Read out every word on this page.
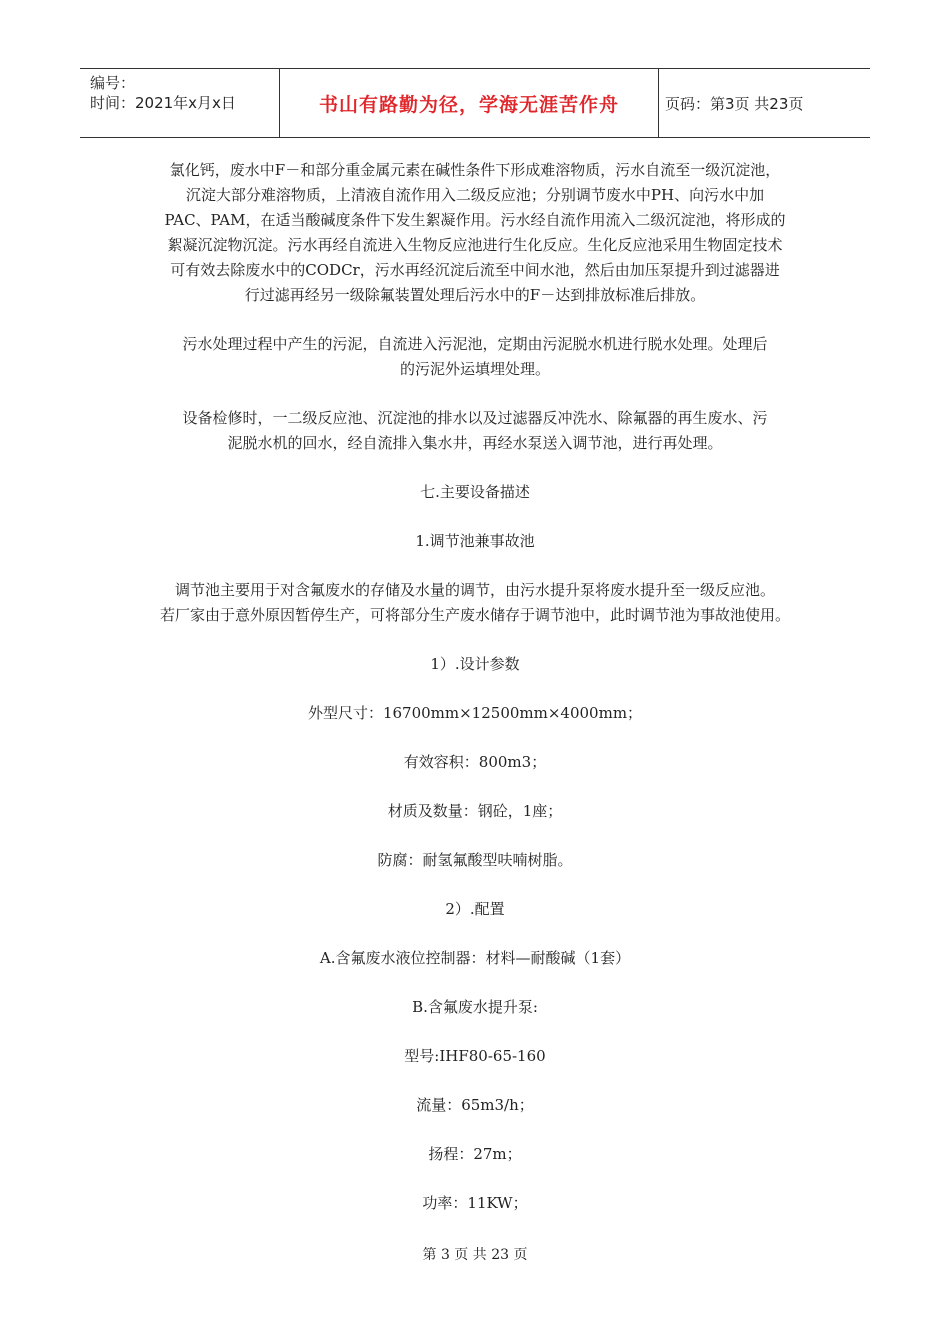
编号：
时间：2021年x月x日	书山有路勤为径，学海无涯苦作舟	页码：第3页 共23页

氯化钙，废水中F－和部分重金属元素在碱性条件下形成难溶物质，污水自流至一级沉淀池，

沉淀大部分难溶物质，上清液自流作用入二级反应池；分别调节废水中PH、向污水中加

PAC、PAM，在适当酸碱度条件下发生絮凝作用。污水经自流作用流入二级沉淀池，将形成的

絮凝沉淀物沉淀。污水再经自流进入生物反应池进行生化反应。生化反应池采用生物固定技术

可有效去除废水中的CODCr，污水再经沉淀后流至中间水池，然后由加压泵提升到过滤器进

行过滤再经另一级除氟装置处理后污水中的F－达到排放标准后排放。

污水处理过程中产生的污泥，自流进入污泥池，定期由污泥脱水机进行脱水处理。处理后

的污泥外运填埋处理。

设备检修时，一二级反应池、沉淀池的排水以及过滤器反冲洗水、除氟器的再生废水、污

泥脱水机的回水，经自流排入集水井，再经水泵送入调节池，进行再处理。

七.主要设备描述

1.调节池兼事故池

调节池主要用于对含氟废水的存储及水量的调节，由污水提升泵将废水提升至一级反应池。

若厂家由于意外原因暂停生产，可将部分生产废水储存于调节池中，此时调节池为事故池使用。

1）.设计参数

外型尺寸：16700mm×12500mm×4000mm；

有效容积：800m3；

材质及数量：钢砼，1座；

防腐：耐氢氟酸型呋喃树脂。

2）.配置

A.含氟废水液位控制器：材料—耐酸碱（1套）

B.含氟废水提升泵:

型号:IHF80-65-160

流量：65m3/h；

扬程：27m；

功率：11KW；

第 3 页 共 23 页
